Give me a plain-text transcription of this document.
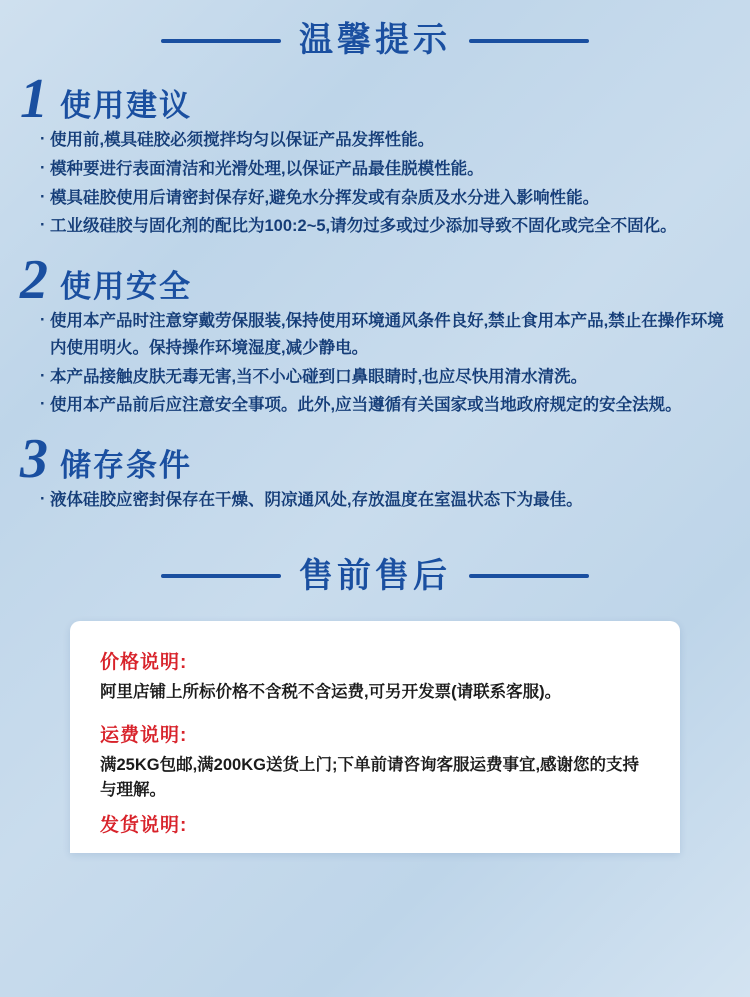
温馨提示
1 使用建议
· 使用前,模具硅胶必须搅拌均匀以保证产品发挥性能。
· 模种要进行表面清洁和光滑处理,以保证产品最佳脱模性能。
· 模具硅胶使用后请密封保存好,避免水分挥发或有杂质及水分进入影响性能。
· 工业级硅胶与固化剂的配比为100:2~5,请勿过多或过少添加导致不固化或完全不固化。
2 使用安全
· 使用本产品时注意穿戴劳保服装,保持使用环境通风条件良好,禁止食用本产品,禁止在操作环境内使用明火。保持操作环境湿度,减少静电。
· 本产品接触皮肤无毒无害,当不小心碰到口鼻眼睛时,也应尽快用清水清洗。
· 使用本产品前后应注意安全事项。此外,应当遵循有关国家或当地政府规定的安全法规。
3 储存条件
· 液体硅胶应密封保存在干燥、阴凉通风处,存放温度在室温状态下为最佳。
售前售后
价格说明:

阿里店铺上所标价格不含税不含运费,可另开发票(请联系客服)。

运费说明:

满25KG包邮,满200KG送货上门;下单前请咨询客服运费事宜,感谢您的支持与理解。

发货说明:
